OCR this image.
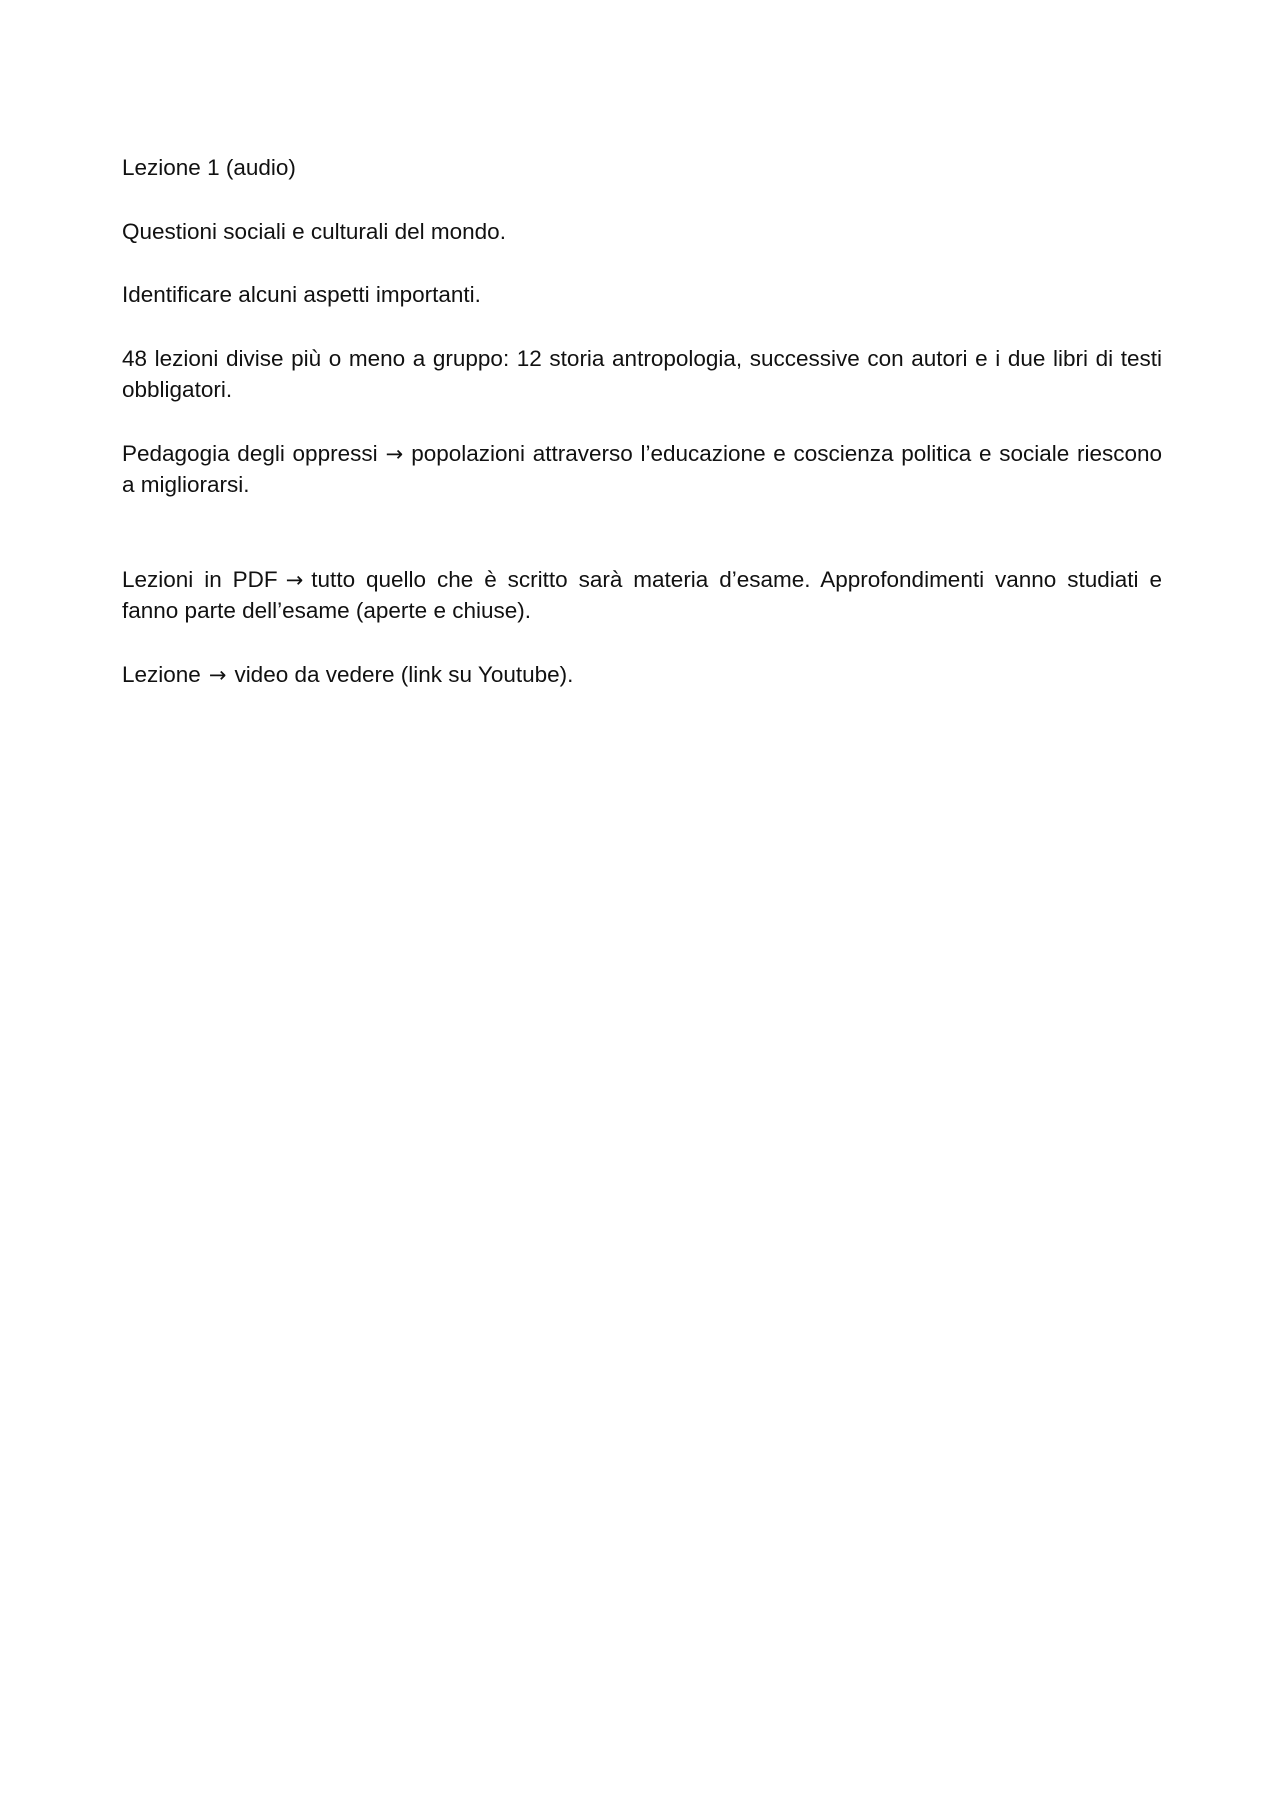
Lezione 1 (audio)

Questioni sociali e culturali del mondo.

Identificare alcuni aspetti importanti.

48 lezioni divise più o meno a gruppo: 12 storia antropologia, successive con autori e i due libri di testi obbligatori.

Pedagogia degli oppressi → popolazioni attraverso l’educazione e coscienza politica e sociale riescono a migliorarsi.

Lezioni in PDF → tutto quello che è scritto sarà materia d’esame. Approfondimenti vanno studiati e fanno parte dell’esame (aperte e chiuse).

Lezione → video da vedere (link su Youtube).
